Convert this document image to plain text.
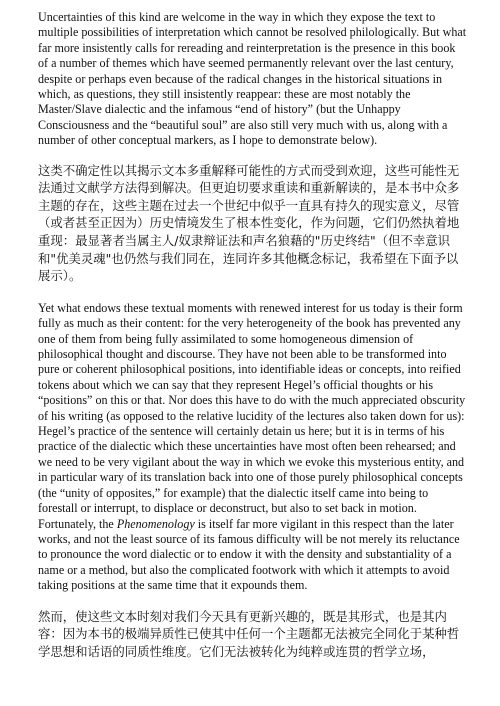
Uncertainties of this kind are welcome in the way in which they expose the text to multiple possibilities of interpretation which cannot be resolved philologically. But what far more insistently calls for rereading and reinterpretation is the presence in this book of a number of themes which have seemed permanently relevant over the last century, despite or perhaps even because of the radical changes in the historical situations in which, as questions, they still insistently reappear: these are most notably the Master/Slave dialectic and the infamous “end of history” (but the Unhappy Consciousness and the “beautiful soul” are also still very much with us, along with a number of other conceptual markers, as I hope to demonstrate below).

这类不确定性以其揭示文本多重解释可能性的方式而受到欢迎，这些可能性无法通过文献学方法得到解决。但更迫切要求重读和重新解读的，是本书中众多主题的存在，这些主题在过去一个世纪中似乎一直具有持久的现实意义，尽管（或者甚至正因为）历史情境发生了根本性变化，作为问题，它们仍然执着地重现：最显著者当属主人/奴隶辩证法和声名狼藉的"历史终结"（但不幸意识和"优美灵魂"也仍然与我们同在，连同许多其他概念标记，我希望在下面予以展示）。

Yet what endows these textual moments with renewed interest for us today is their form fully as much as their content: for the very heterogeneity of the book has prevented any one of them from being fully assimilated to some homogeneous dimension of philosophical thought and discourse. They have not been able to be transformed into pure or coherent philosophical positions, into identifiable ideas or concepts, into reified tokens about which we can say that they represent Hegel’s official thoughts or his “positions” on this or that. Nor does this have to do with the much appreciated obscurity of his writing (as opposed to the relative lucidity of the lectures also taken down for us): Hegel’s practice of the sentence will certainly detain us here; but it is in terms of his practice of the dialectic which these uncertainties have most often been rehearsed; and we need to be very vigilant about the way in which we evoke this mysterious entity, and in particular wary of its translation back into one of those purely philosophical concepts (the “unity of opposites,” for example) that the dialectic itself came into being to forestall or interrupt, to displace or deconstruct, but also to set back in motion. Fortunately, the Phenomenology is itself far more vigilant in this respect than the later works, and not the least source of its famous difficulty will be not merely its reluctance to pronounce the word dialectic or to endow it with the density and substantiality of a name or a method, but also the complicated footwork with which it attempts to avoid taking positions at the same time that it expounds them.

然而，使这些文本时刻对我们今天具有更新兴趣的，既是其形式，也是其内容：因为本书的极端异质性已使其中任何一个主题都无法被完全同化于某种哲学思想和话语的同质性维度。它们无法被转化为纯粹或连贯的哲学立场，
